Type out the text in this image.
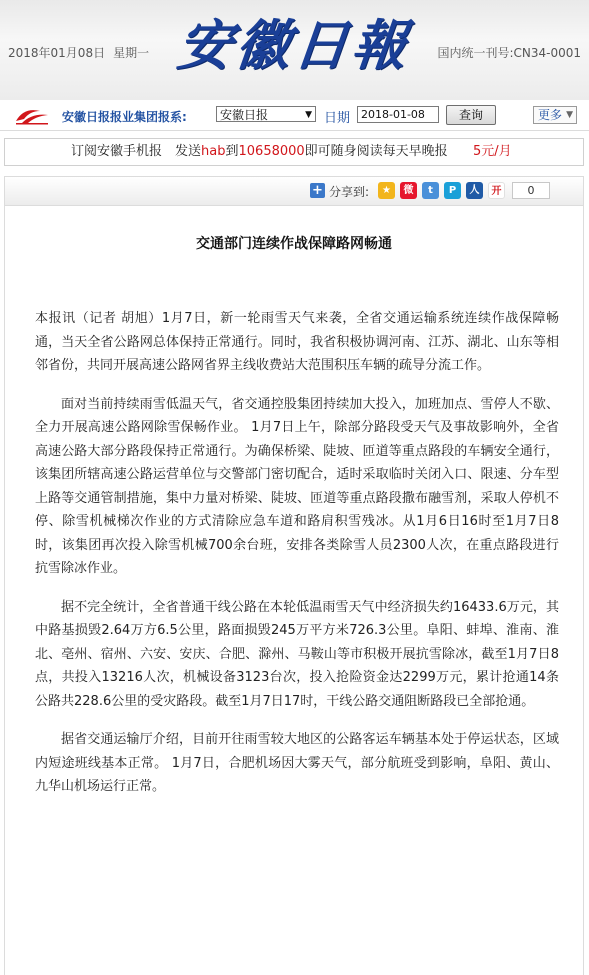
2018年01月08日 星期一 安徽日報 国内统一刊号:CN34-0001
安徽日报报业集团报系:	安徽日报	▼ 日期 2018-01-08	查询	更多 ▼
订阅安徽手机报　发送hab到10658000即可随身阅读每天早晚报 5元/月
+ 分享到:	★	微	t	P	人	开	0
交通部门连续作战保障路网畅通

本报讯（记者 胡旭）1月7日，新一轮雨雪天气来袭，全省交通运输系统连续作战保障畅通，当天全省公路网总体保持正常通行。同时，我省积极协调河南、江苏、湖北、山东等相邻省份，共同开展高速公路网省界主线收费站大范围积压车辆的疏导分流工作。

面对当前持续雨雪低温天气，省交通控股集团持续加大投入，加班加点、雪停人不歇、全力开展高速公路网除雪保畅作业。 1月7日上午，除部分路段受天气及事故影响外，全省高速公路大部分路段保持正常通行。为确保桥梁、陡坡、匝道等重点路段的车辆安全通行，该集团所辖高速公路运营单位与交警部门密切配合，适时采取临时关闭入口、限速、分车型上路等交通管制措施，集中力量对桥梁、陡坡、匝道等重点路段撒布融雪剂，采取人停机不停、除雪机械梯次作业的方式清除应急车道和路肩积雪残冰。从1月6日16时至1月7日8时，该集团再次投入除雪机械700余台班，安排各类除雪人员2300人次，在重点路段进行抗雪除冰作业。

据不完全统计，全省普通干线公路在本轮低温雨雪天气中经济损失约16433.6万元，其中路基损毁2.64万方6.5公里，路面损毁245万平方米726.3公里。阜阳、蚌埠、淮南、淮北、亳州、宿州、六安、安庆、合肥、滁州、马鞍山等市积极开展抗雪除冰，截至1月7日8点，共投入13216人次，机械设备3123台次，投入抢险资金达2299万元，累计抢通14条公路共228.6公里的受灾路段。截至1月7日17时，干线公路交通阻断路段已全部抢通。

据省交通运输厅介绍，目前开往雨雪较大地区的公路客运车辆基本处于停运状态，区域内短途班线基本正常。 1月7日，合肥机场因大雾天气，部分航班受到影响，阜阳、黄山、九华山机场运行正常。
